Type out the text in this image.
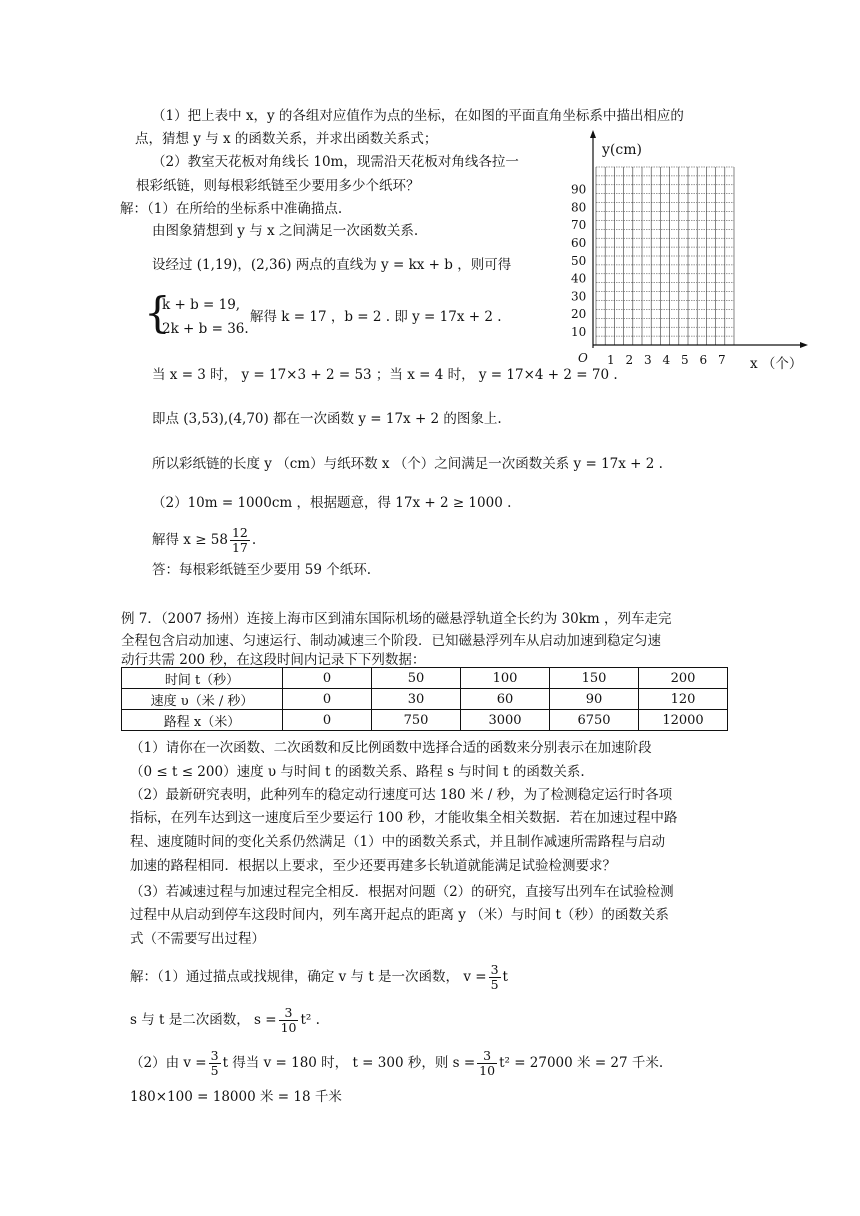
（1）把上表中 x，y 的各组对应值作为点的坐标，在如图的平面直角坐标系中描出相应的
点，猜想 y 与 x 的函数关系，并求出函数关系式；
（2）教室天花板对角线长 10m，现需沿天花板对角线各拉一
根彩纸链，则每根彩纸链至少要用多少个纸环？
解：（1）在所给的坐标系中准确描点.
由图象猜想到 y 与 x 之间满足一次函数关系.
设经过 (1,19)，(2,36) 两点的直线为 y = kx + b ，则可得
{
k + b = 19,
2k + b = 36.
解得 k = 17 ，b = 2 . 即 y = 17x + 2 .
当 x = 3 时， y = 17×3 + 2 = 53 ；当 x = 4 时， y = 17×4 + 2 = 70 .
即点 (3,53),(4,70) 都在一次函数 y = 17x + 2 的图象上.
所以彩纸链的长度 y （cm）与纸环数 x （个）之间满足一次函数关系 y = 17x + 2 .
（2）10m = 1000cm ，根据题意，得 17x + 2 ≥ 1000 .
解得 $x \ge 58 \frac{12}{17}$ .
答：每根彩纸链至少要用 59 个纸环.
10
20
30
40
50
60
70
80
90
1 2 3 4 5 6 7
y(cm)
O	x （个）
例 7．（2007 扬州）连接上海市区到浦东国际机场的磁悬浮轨道全长约为 30km ，列车走完
全程包含启动加速、匀速运行、制动减速三个阶段．已知磁悬浮列车从启动加速到稳定匀速
动行共需 200 秒，在这段时间内记录下下列数据：
时间 t（秒）	0	50	100	150	200
速度 υ（米 / 秒）	0	30	60	90	120
路程 x（米）	0	750	3000	6750	12000
（1）请你在一次函数、二次函数和反比例函数中选择合适的函数来分别表示在加速阶段
（0 ≤ t ≤ 200）速度 υ 与时间 t 的函数关系、路程 s 与时间 t 的函数关系.
（2）最新研究表明，此种列车的稳定动行速度可达 180 米 / 秒，为了检测稳定运行时各项
指标，在列车达到这一速度后至少要运行 100 秒，才能收集全相关数据．若在加速过程中路
程、速度随时间的变化关系仍然满足（1）中的函数关系式，并且制作减速所需路程与启动
加速的路程相同．根据以上要求，至少还要再建多长轨道就能满足试验检测要求？
（3）若减速过程与加速过程完全相反．根据对问题（2）的研究，直接写出列车在试验检测
过程中从启动到停车这段时间内，列车离开起点的距离 y （米）与时间 t（秒）的函数关系
式（不需要写出过程）
解：（1）通过描点或找规律，确定 v 与 t 是一次函数， $v = \frac{3}{5}$ t
s 与 t 是二次函数， $s = \frac{3}{10} t^2$ .
（2）由 $v = \frac{3}{5}$ t 得当 v = 180 时， t = 300 秒，则 $s = \frac{3}{10} t^2 = 27000$ 米 = 27 千米.
180×100 = 18000 米 = 18 千米
